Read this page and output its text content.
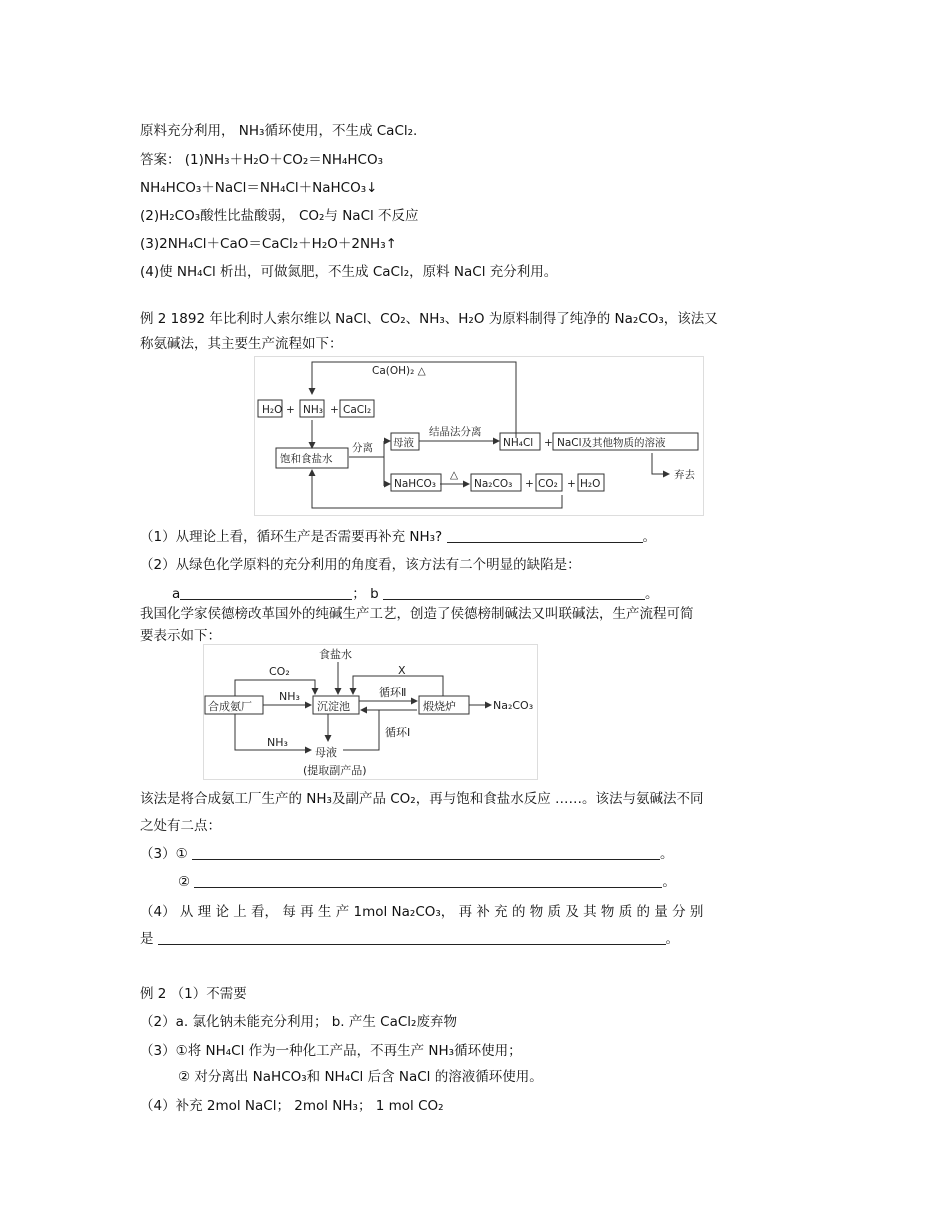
原料充分利用， NH₃循环使用，不生成 CaCl₂.
答案： (1)NH₃＋H₂O＋CO₂＝NH₄HCO₃
NH₄HCO₃＋NaCl＝NH₄Cl＋NaHCO₃↓
(2)H₂CO₃酸性比盐酸弱， CO₂与 NaCl 不反应
(3)2NH₄Cl＋CaO＝CaCl₂＋H₂O＋2NH₃↑
(4)使 NH₄Cl 析出，可做氮肥，不生成 CaCl₂，原料 NaCl 充分利用。
例 2 1892 年比利时人索尔维以 NaCl、CO₂、NH₃、H₂O 为原料制得了纯净的 Na₂CO₃，该法又
称氨碱法，其主要生产流程如下：
Ca(OH)₂ △
H₂O + NH₃ + CaCl₂
饱和食盐水
分离 母液
结晶法分离
NH₄Cl + NaCl及其他物质的溶液
弃去
NaHCO₃
△
Na₂CO₃ + CO₂ + H₂O
（1）从理论上看，循环生产是否需要再补充 NH₃?	。
（2）从绿色化学原料的充分利用的角度看，该方法有二个明显的缺陷是：
a	； b	。
我国化学家侯德榜改革国外的纯碱生产工艺，创造了侯德榜制碱法又叫联碱法，生产流程可简
要表示如下：
食盐水
CO₂	X
合成氨厂
NH₃
沉淀池
循环Ⅱ
煅烧炉	Na₂CO₃
循环Ⅰ
NH₃
母液
(提取副产品)
该法是将合成氨工厂生产的 NH₃及副产品 CO₂，再与饱和食盐水反应 ……。该法与氨碱法不同
之处有二点：
（3）①	。
②	。
（4） 从 理 论 上 看， 每 再 生 产 1mol Na₂CO₃， 再 补 充 的 物 质 及 其 物 质 的 量 分 别
是	。
例 2 （1）不需要
（2）a. 氯化钠未能充分利用； b. 产生 CaCl₂废弃物
（3）①将 NH₄Cl 作为一种化工产品，不再生产 NH₃循环使用；
② 对分离出 NaHCO₃和 NH₄Cl 后含 NaCl 的溶液循环使用。
（4）补充 2mol NaCl； 2mol NH₃； 1 mol CO₂
